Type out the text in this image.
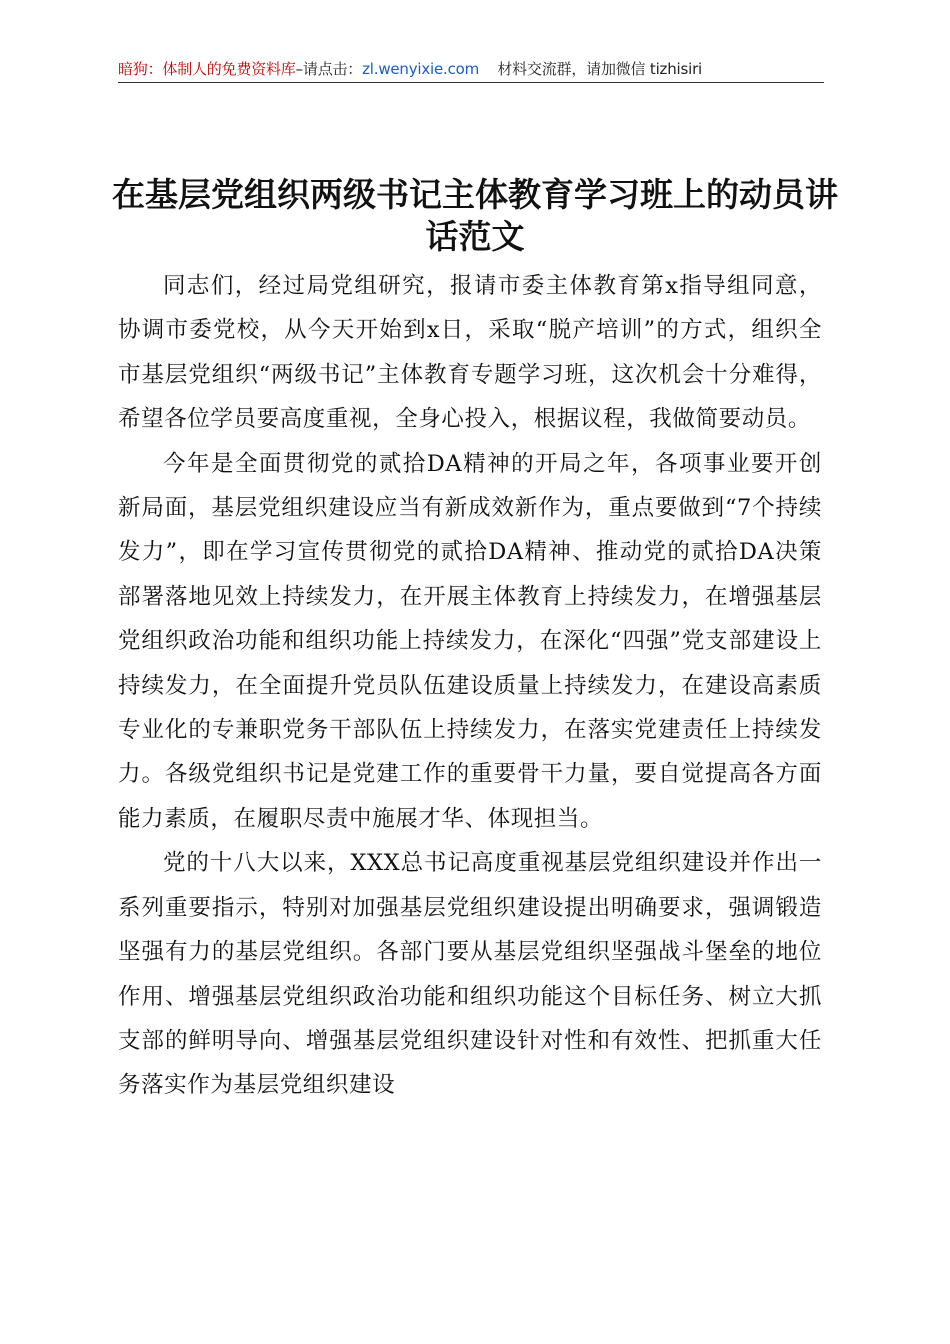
暗狗：体制人的免费资料库–请点击：zl.wenyixie.com 材料交流群，请加微信 tizhisiri
在基层党组织两级书记主体教育学习班上的动员讲话范文

同志们，经过局党组研究，报请市委主体教育第x指导组同意，协调市委党校，从今天开始到x日，采取“脱产培训”的方式，组织全市基层党组织“两级书记”主体教育专题学习班，这次机会十分难得，希望各位学员要高度重视，全身心投入，根据议程，我做简要动员。

今年是全面贯彻党的贰拾DA精神的开局之年，各项事业要开创新局面，基层党组织建设应当有新成效新作为，重点要做到“7个持续发力”，即在学习宣传贯彻党的贰拾DA精神、推动党的贰拾DA决策部署落地见效上持续发力，在开展主体教育上持续发力，在增强基层党组织政治功能和组织功能上持续发力，在深化“四强”党支部建设上持续发力，在全面提升党员队伍建设质量上持续发力，在建设高素质专业化的专兼职党务干部队伍上持续发力，在落实党建责任上持续发力。各级党组织书记是党建工作的重要骨干力量，要自觉提高各方面能力素质，在履职尽责中施展才华、体现担当。

党的十八大以来，XXX总书记高度重视基层党组织建设并作出一系列重要指示，特别对加强基层党组织建设提出明确要求，强调锻造坚强有力的基层党组织。各部门要从基层党组织坚强战斗堡垒的地位作用、增强基层党组织政治功能和组织功能这个目标任务、树立大抓支部的鲜明导向、增强基层党组织建设针对性和有效性、把抓重大任务落实作为基层党组织建设
